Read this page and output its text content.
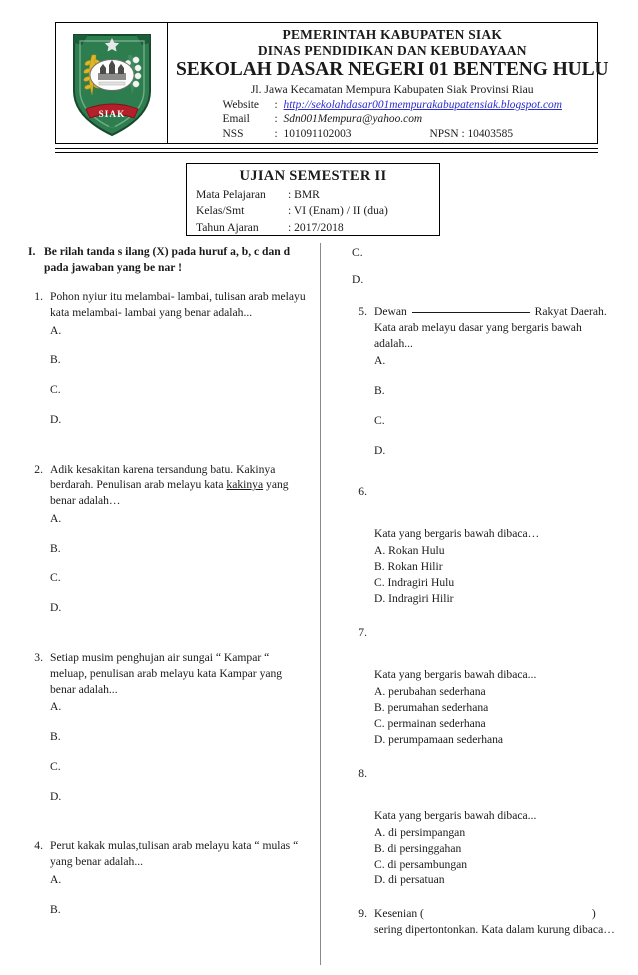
SIAK
PEMERINTAH KABUPATEN SIAK
DINAS PENDIDIKAN DAN KEBUDAYAAN
SEKOLAH DASAR NEGERI 01 BENTENG HULU
Jl. Jawa Kecamatan Mempura Kabupaten Siak Provinsi Riau
Website	: http://sekolahdasar001mempurakabupatensiak.blogspot.com
Email	: Sdn001Mempura@yahoo.com
NSS	: 101091102003	NPSN : 10403585
UJIAN SEMESTER II
Mata Pelajaran	: BMR
Kelas/Smt	: VI (Enam) / II (dua)
Tahun Ajaran	: 2017/2018
I. Be rilah tanda s ilang (X) pada huruf a, b, c dan d pada jawaban yang be nar !
1. Pohon nyiur itu melambai- lambai, tulisan arab melayu kata melambai- lambai yang benar adalah...
A.
B.
C.
D.
2. Adik kesakitan karena tersandung batu. Kakinya berdarah. Penulisan arab melayu kata kakinya yang benar adalah…
A.
B.
C.
D.
3. Setiap musim penghujan air sungai “ Kampar “ meluap, penulisan arab melayu kata Kampar yang benar adalah...
A.
B.
C.
D.
4. Perut kakak mulas,tulisan arab melayu kata “ mulas “ yang benar adalah...
A.
B.
C.
D.
5. Dewan	Rakyat Daerah. Kata arab melayu dasar yang bergaris bawah adalah...
A.
B.
C.
D.
6.
Kata yang bergaris bawah dibaca…
A. Rokan Hulu
B. Rokan Hilir
C. Indragiri Hulu
D. Indragiri Hilir
7.
Kata yang bergaris bawah dibaca...
A. perubahan sederhana
B. perumahan sederhana
C. permainan sederhana
D. perumpamaan sederhana
8.
Kata yang bergaris bawah dibaca...
A. di persimpangan
B. di persinggahan
C. di persambungan
D. di persatuan
9. Kesenian (	)
sering dipertontonkan. Kata dalam kurung dibaca…
